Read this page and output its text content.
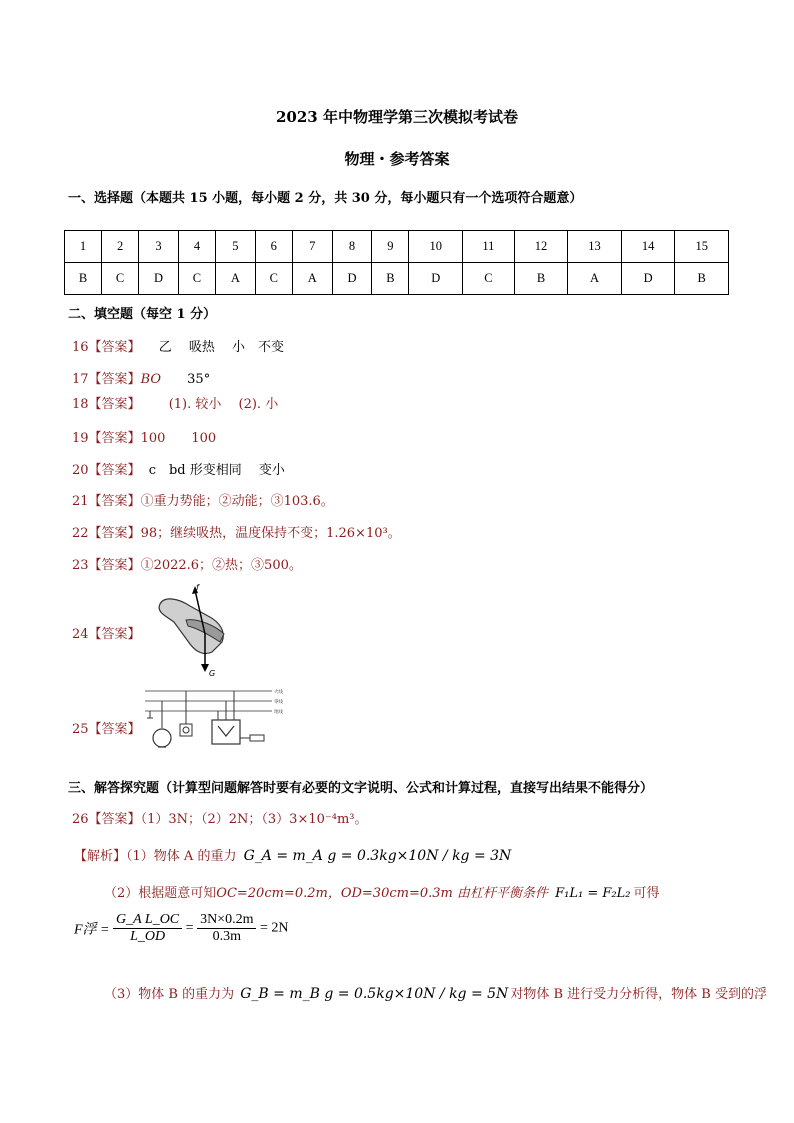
2023 年中物理学第三次模拟考试卷
物理・参考答案
一、选择题（本题共 15 小题，每小题 2 分，共 30 分，每小题只有一个选项符合题意）
1	2	3	4	5	6	7	8	9	10	11	12	13	14	15
B	C	D	C	A	C	A	D	B	D	C	B	A	D	B
二、填空题（每空 1 分）
16【答案】 乙　 吸热　 小　不变
17【答案】BO 35°
18【答案】 (1). 较小　 (2). 小
19【答案】100　　100
20【答案】 c　bd 形变相同　 变小
21【答案】①重力势能；②动能；③103.6。
22【答案】98；继续吸热，温度保持不变；1.26×10³。
23【答案】①2022.6；②热；③500。
24【答案】
f
G
25【答案】
火线
零线
地线
三、解答探究题（计算型问题解答时要有必要的文字说明、公式和计算过程，直接写出结果不能得分）
26【答案】（1）3N；（2）2N；（3）3×10⁻⁴m³。
【解析】（1）物体 A 的重力 G_A = m_A g = 0.3kg×10N / kg = 3N
（2）根据题意可知OC=20cm=0.2m，OD=30cm=0.3m 由杠杆平衡条件 F₁L₁ = F₂L₂ 可得
F浮 = $\frac{\text{G\_A L\_OC}}{L\_OD} = \frac{3N\times 0.2m}{0.3m} = 2N$
（3）物体 B 的重力为 G_B = m_B g = 0.5kg×10N / kg = 5N 对物体 B 进行受力分析得，物体 B 受到的浮
